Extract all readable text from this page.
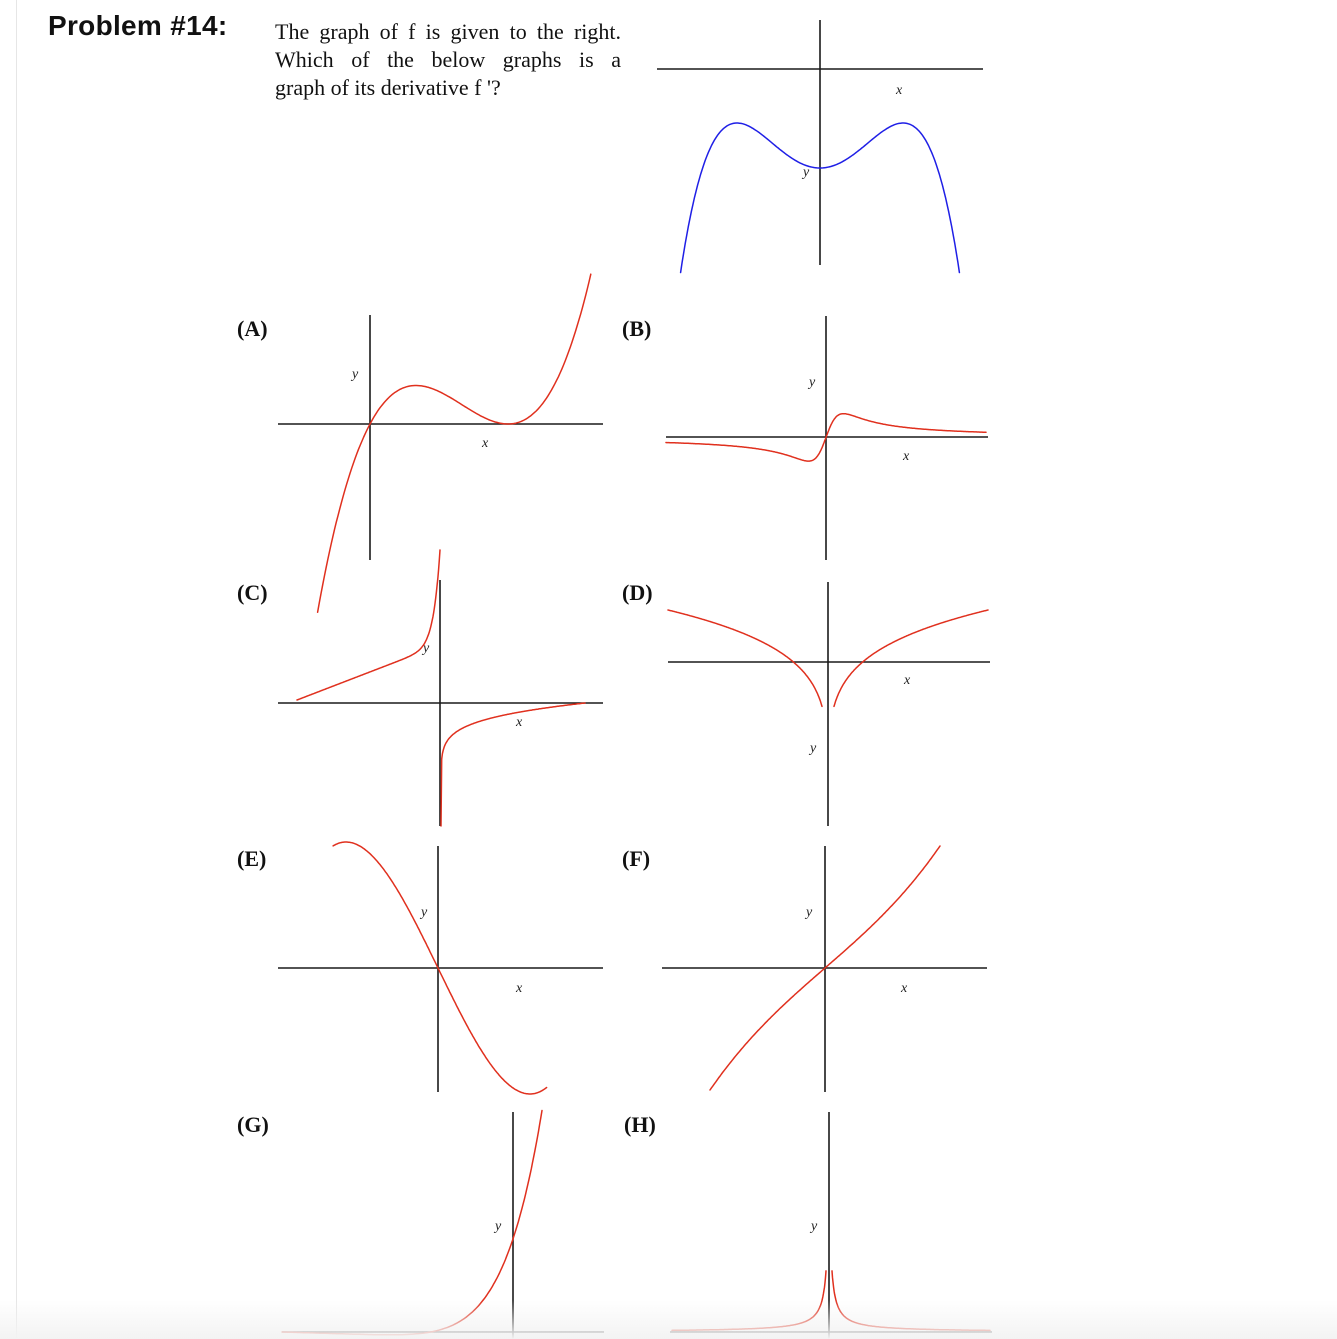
Problem #14: The graph of f is given to the right.
Which of the below graphs is a
graph of its derivative f '?
(A)	(B)
(C)	(D)
(E)	(F)
(G)	(H)
x
y
x
y
x
y
x
y
x
y
x
y
x
y
y	y
